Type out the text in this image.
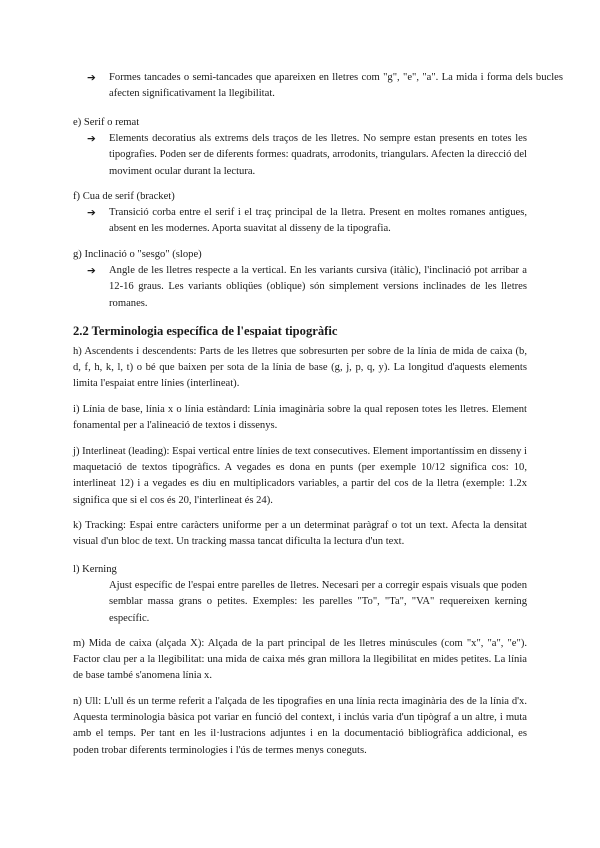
➔ Formes tancades o semi-tancades que apareixen en lletres com "g", "e", "a". La mida i forma dels bucles afecten significativament la llegibilitat.

e) Serif o remat

➔ Elements decoratius als extrems dels traços de les lletres. No sempre estan presents en totes les tipografies. Poden ser de diferents formes: quadrats, arrodonits, triangulars. Afecten la direcció del moviment ocular durant la lectura.

f) Cua de serif (bracket)

➔ Transició corba entre el serif i el traç principal de la lletra. Present en moltes romanes antigues, absent en les modernes. Aporta suavitat al disseny de la tipografia.

g) Inclinació o "sesgo" (slope)

➔ Angle de les lletres respecte a la vertical. En les variants cursiva (itàlic), l'inclinació pot arribar a 12-16 graus. Les variants obliqües (oblique) són simplement versions inclinades de les lletres romanes.

2.2 Terminologia específica de l'espaiat tipogràfic

h) Ascendents i descendents: Parts de les lletres que sobresurten per sobre de la línia de mida de caixa (b, d, f, h, k, l, t) o bé que baixen per sota de la línia de base (g, j, p, q, y). La longitud d'aquests elements limita l'espaiat entre línies (interlineat).

i) Línia de base, línia x o línia estàndard: Línia imaginària sobre la qual reposen totes les lletres. Element fonamental per a l'alineació de textos i dissenys.

j) Interlineat (leading): Espai vertical entre línies de text consecutives. Element importantíssim en disseny i maquetació de textos tipogràfics. A vegades es dona en punts (per exemple 10/12 significa cos: 10, interlineat 12) i a vegades es diu en multiplicadors variables, a partir del cos de la lletra (exemple: 1.2x significa que si el cos és 20, l'interlineat és 24).

k) Tracking: Espai entre caràcters uniforme per a un determinat paràgraf o tot un text. Afecta la densitat visual d'un bloc de text. Un tracking massa tancat dificulta la lectura d'un text.

l) Kerning

Ajust específic de l'espai entre parelles de lletres. Necesari per a corregir espais visuals que poden semblar massa grans o petites. Exemples: les parelles "To", "Ta", "VA" requereixen kerning específic.

m) Mida de caixa (alçada X): Alçada de la part principal de les lletres minúscules (com "x", "a", "e"). Factor clau per a la llegibilitat: una mida de caixa més gran millora la llegibilitat en mides petites. La línia de base també s'anomena línia x.

n) Ull: L'ull és un terme referit a l'alçada de les tipografies en una línia recta imaginària des de la línia d'x. Aquesta terminologia bàsica pot variar en funció del context, i inclús varia d'un tipògraf a un altre, i muta amb el temps. Per tant en les il·lustracions adjuntes i en la documentació bibliogràfica addicional, es poden trobar diferents terminologies i l'ús de termes menys coneguts.
